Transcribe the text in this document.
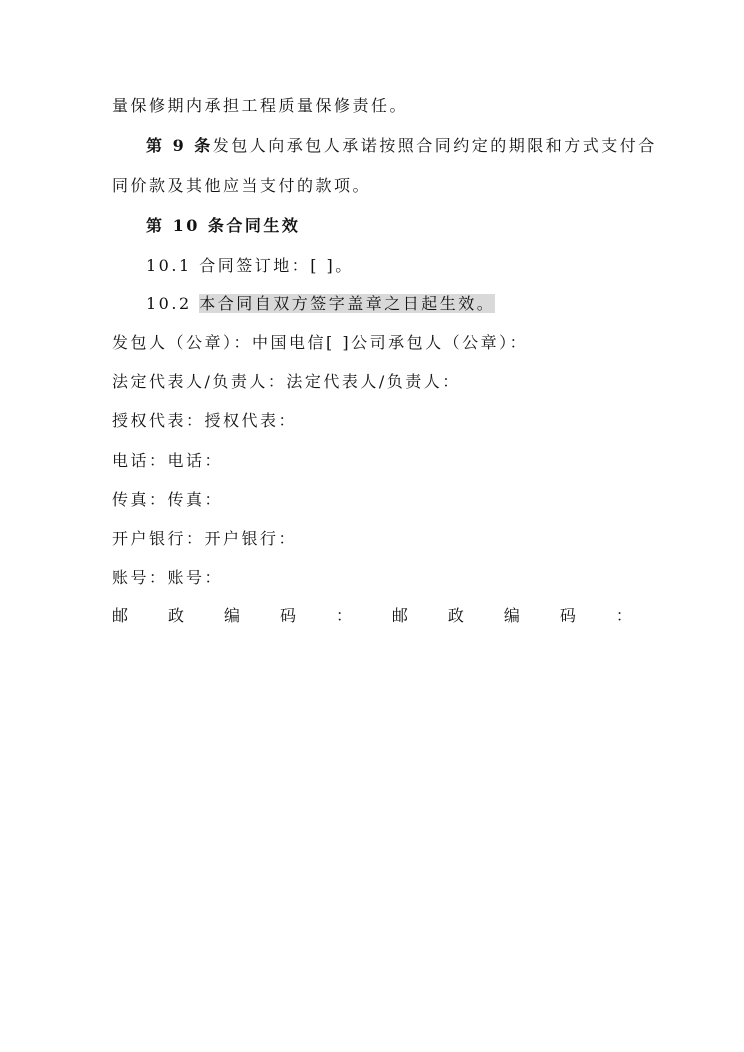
量保修期内承担工程质量保修责任。
第 9 条发包人向承包人承诺按照合同约定的期限和方式支付合
同价款及其他应当支付的款项。
第 10 条合同生效
10.1 合同签订地：[ ]。
10.2 本合同自双方签字盖章之日起生效。
发包人（公章）：中国电信[ ]公司承包人（公章）：
法定代表人/负责人：法定代表人/负责人：
授权代表：授权代表：
电话：电话：
传真：传真：
开户银行：开户银行：
账号：账号：
邮 政 编 码 ： 邮 政 编 码 ：
